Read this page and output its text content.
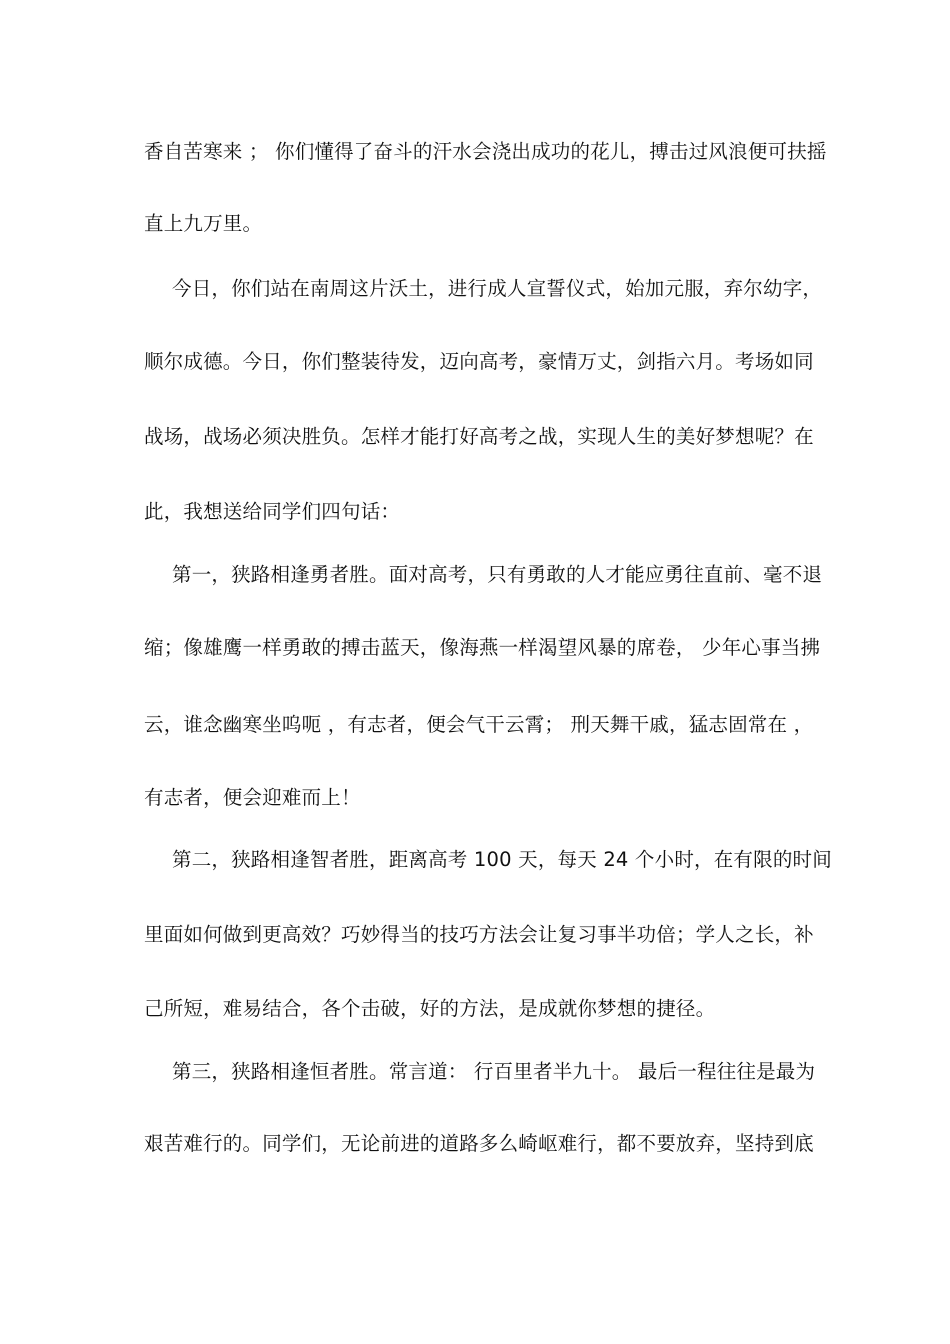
香自苦寒来 ； 你们懂得了奋斗的汗水会浇出成功的花儿，搏击过风浪便可扶摇
直上九万里。
今日，你们站在南周这片沃土，进行成人宣誓仪式，始加元服，弃尔幼字，
顺尔成德。今日，你们整装待发，迈向高考，豪情万丈，剑指六月。考场如同
战场，战场必须决胜负。怎样才能打好高考之战，实现人生的美好梦想呢？在
此，我想送给同学们四句话：
第一，狭路相逢勇者胜。面对高考，只有勇敢的人才能应勇往直前、毫不退
缩；像雄鹰一样勇敢的搏击蓝天，像海燕一样渴望风暴的席卷， 少年心事当拂
云，谁念幽寒坐呜呃 ，有志者，便会气干云霄； 刑天舞干戚，猛志固常在 ，
有志者，便会迎难而上！
第二，狭路相逢智者胜，距离高考 100 天，每天 24 个小时，在有限的时间
里面如何做到更高效？巧妙得当的技巧方法会让复习事半功倍；学人之长，补
己所短，难易结合，各个击破，好的方法，是成就你梦想的捷径。
第三，狭路相逢恒者胜。常言道： 行百里者半九十。 最后一程往往是最为
艰苦难行的。同学们，无论前进的道路多么崎岖难行，都不要放弃，坚持到底
